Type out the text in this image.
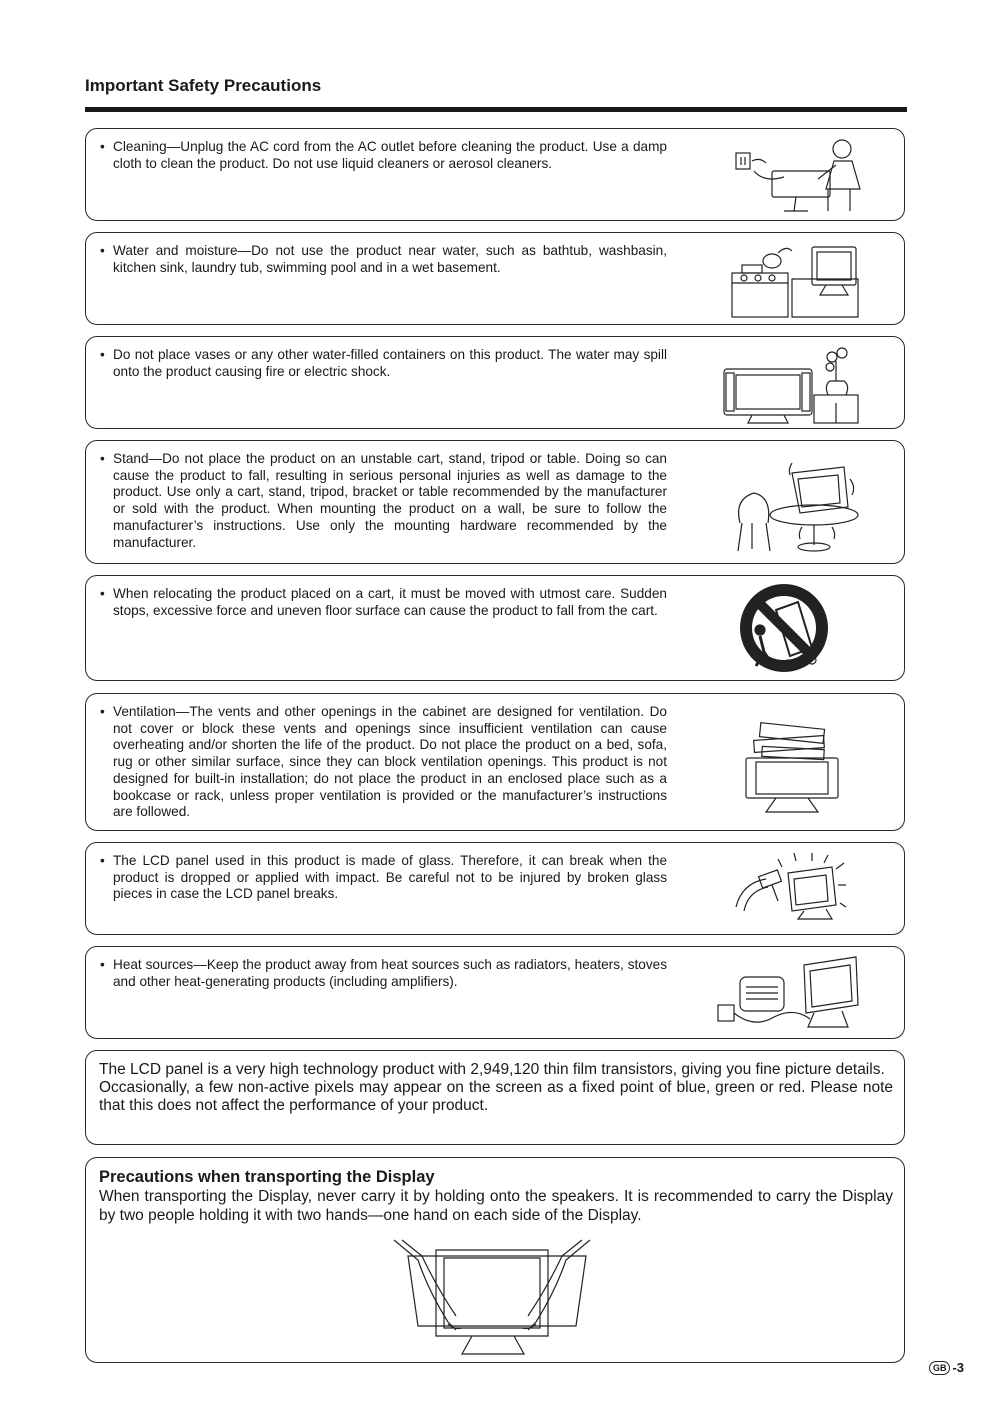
Important Safety Precautions
• Cleaning—Unplug the AC cord from the AC outlet before cleaning the product. Use a damp cloth to clean the product. Do not use liquid cleaners or aerosol cleaners.
• Water and moisture—Do not use the product near water, such as bathtub, washbasin, kitchen sink, laundry tub, swimming pool and in a wet basement.
• Do not place vases or any other water-filled containers on this product. The water may spill onto the product causing fire or electric shock.
• Stand—Do not place the product on an unstable cart, stand, tripod or table. Doing so can cause the product to fall, resulting in serious personal injuries as well as damage to the product. Use only a cart, stand, tripod, bracket or table recommended by the manufacturer or sold with the product. When mounting the product on a wall, be sure to follow the manufacturer’s instructions. Use only the mounting hardware recommended by the manufacturer.
• When relocating the product placed on a cart, it must be moved with utmost care. Sudden stops, excessive force and uneven floor surface can cause the product to fall from the cart.
• Ventilation—The vents and other openings in the cabinet are designed for ventilation. Do not cover or block these vents and openings since insufficient ventilation can cause overheating and/or shorten the life of the product. Do not place the product on a bed, sofa, rug or other similar surface, since they can block ventilation openings. This product is not designed for built-in installation; do not place the product in an enclosed place such as a bookcase or rack, unless proper ventilation is provided or the manufacturer’s instructions are followed.
• The LCD panel used in this product is made of glass. Therefore, it can break when the product is dropped or applied with impact. Be careful not to be injured by broken glass pieces in case the LCD panel breaks.
• Heat sources—Keep the product away from heat sources such as radiators, heaters, stoves and other heat-generating products (including amplifiers).

The LCD panel is a very high technology product with 2,949,120 thin film transistors, giving you fine picture details.
Occasionally, a few non-active pixels may appear on the screen as a fixed point of blue, green or red. Please note that this does not affect the performance of your product.

Precautions when transporting the Display

When transporting the Display, never carry it by holding onto the speakers. It is recommended to carry the Display by two people holding it with two hands—one hand on each side of the Display.

GB -3
